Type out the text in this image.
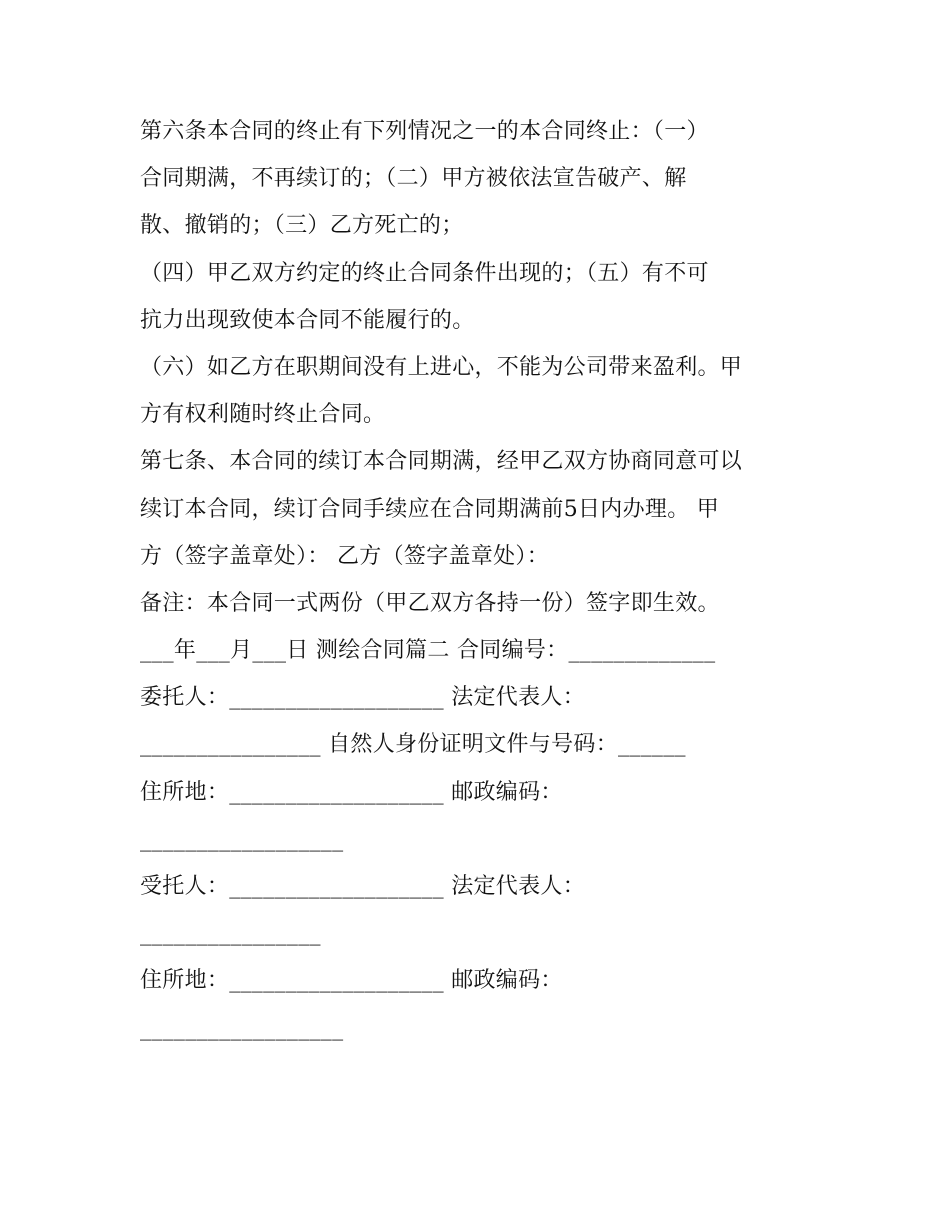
第六条本合同的终止有下列情况之一的本合同终止：（一）
合同期满，不再续订的；（二）甲方被依法宣告破产、解
散、撤销的；（三）乙方死亡的；
（四）甲乙双方约定的终止合同条件出现的；（五）有不可
抗力出现致使本合同不能履行的。
（六）如乙方在职期间没有上进心，不能为公司带来盈利。甲
方有权利随时终止合同。
第七条、本合同的续订本合同期满，经甲乙双方协商同意可以
续订本合同，续订合同手续应在合同期满前5日内办理。 甲
方（签字盖章处）： 乙方（签字盖章处）：
备注：本合同一式两份（甲乙双方各持一份）签字即生效。
___年___月___日 测绘合同篇二 合同编号：_____________
委托人：___________________ 法定代表人：
________________ 自然人身份证明文件与号码：______
住所地：___________________ 邮政编码：
__________________
受托人：___________________ 法定代表人：
________________
住所地：___________________ 邮政编码：
__________________
